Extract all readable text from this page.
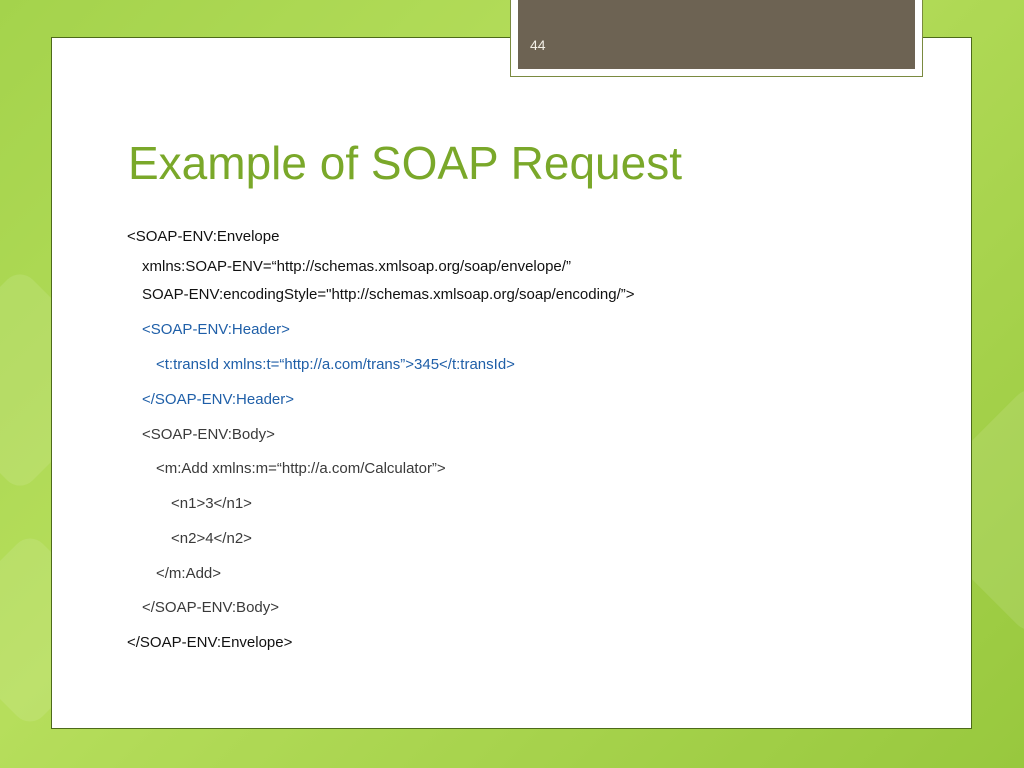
44
Example of SOAP Request
<SOAP-ENV:Envelope
xmlns:SOAP-ENV=“http://schemas.xmlsoap.org/soap/envelope/”
SOAP-ENV:encodingStyle="http://schemas.xmlsoap.org/soap/encoding/”>
<SOAP-ENV:Header>
<t:transId xmlns:t=“http://a.com/trans”>345</t:transId>
</SOAP-ENV:Header>
<SOAP-ENV:Body>
<m:Add xmlns:m=“http://a.com/Calculator”>
<n1>3</n1>
<n2>4</n2>
</m:Add>
</SOAP-ENV:Body>
</SOAP-ENV:Envelope>
